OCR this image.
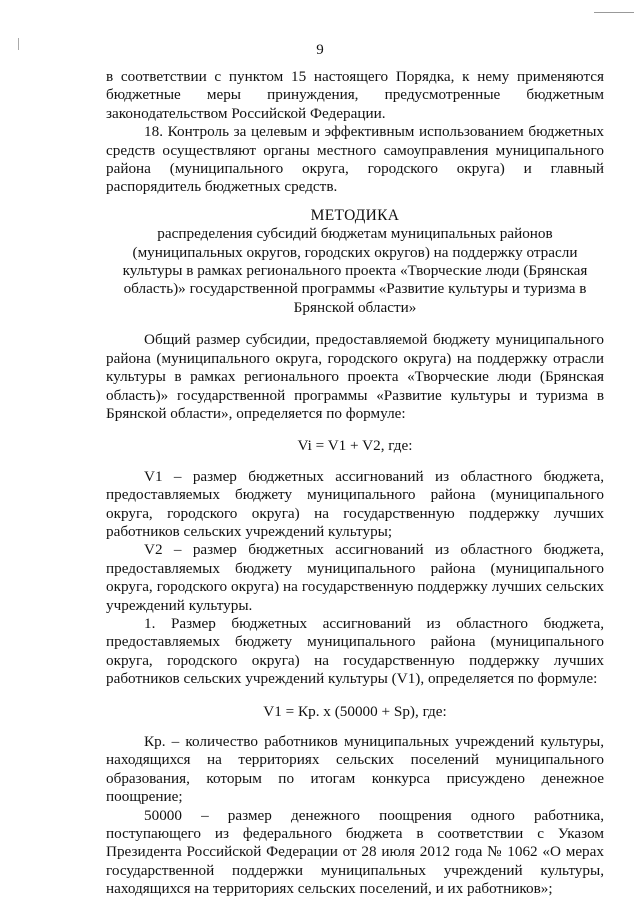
9

в соответствии с пунктом 15 настоящего Порядка, к нему применяются бюджетные меры принуждения, предусмотренные бюджетным законодательством Российской Федерации.

18. Контроль за целевым и эффективным использованием бюджетных средств осуществляют органы местного самоуправления муниципального района (муниципального округа, городского округа) и главный распорядитель бюджетных средств.

МЕТОДИКА

распределения субсидий бюджетам муниципальных районов (муниципальных округов, городских округов) на поддержку отрасли культуры в рамках регионального проекта «Творческие люди (Брянская область)» государственной программы «Развитие культуры и туризма в Брянской области»

Общий размер субсидии, предоставляемой бюджету муниципального района (муниципального округа, городского округа) на поддержку отрасли культуры в рамках регионального проекта «Творческие люди (Брянская область)» государственной программы «Развитие культуры и туризма в Брянской области», определяется по формуле:

Vi = V1 + V2, где:

V1 – размер бюджетных ассигнований из областного бюджета, предоставляемых бюджету муниципального района (муниципального округа, городского округа) на государственную поддержку лучших работников сельских учреждений культуры;

V2 – размер бюджетных ассигнований из областного бюджета, предоставляемых бюджету муниципального района (муниципального округа, городского округа) на государственную поддержку лучших сельских учреждений культуры.

1. Размер бюджетных ассигнований из областного бюджета, предоставляемых бюджету муниципального района (муниципального округа, городского округа) на государственную поддержку лучших работников сельских учреждений культуры (V1), определяется по формуле:

V1 = Кр. х (50000 + Sp), где:

Кр. – количество работников муниципальных учреждений культуры, находящихся на территориях сельских поселений муниципального образования, которым по итогам конкурса присуждено денежное поощрение;

50000 – размер денежного поощрения одного работника, поступающего из федерального бюджета в соответствии с Указом Президента Российской Федерации от 28 июля 2012 года № 1062 «О мерах государственной поддержки муниципальных учреждений культуры, находящихся на территориях сельских поселений, и их работников»;
